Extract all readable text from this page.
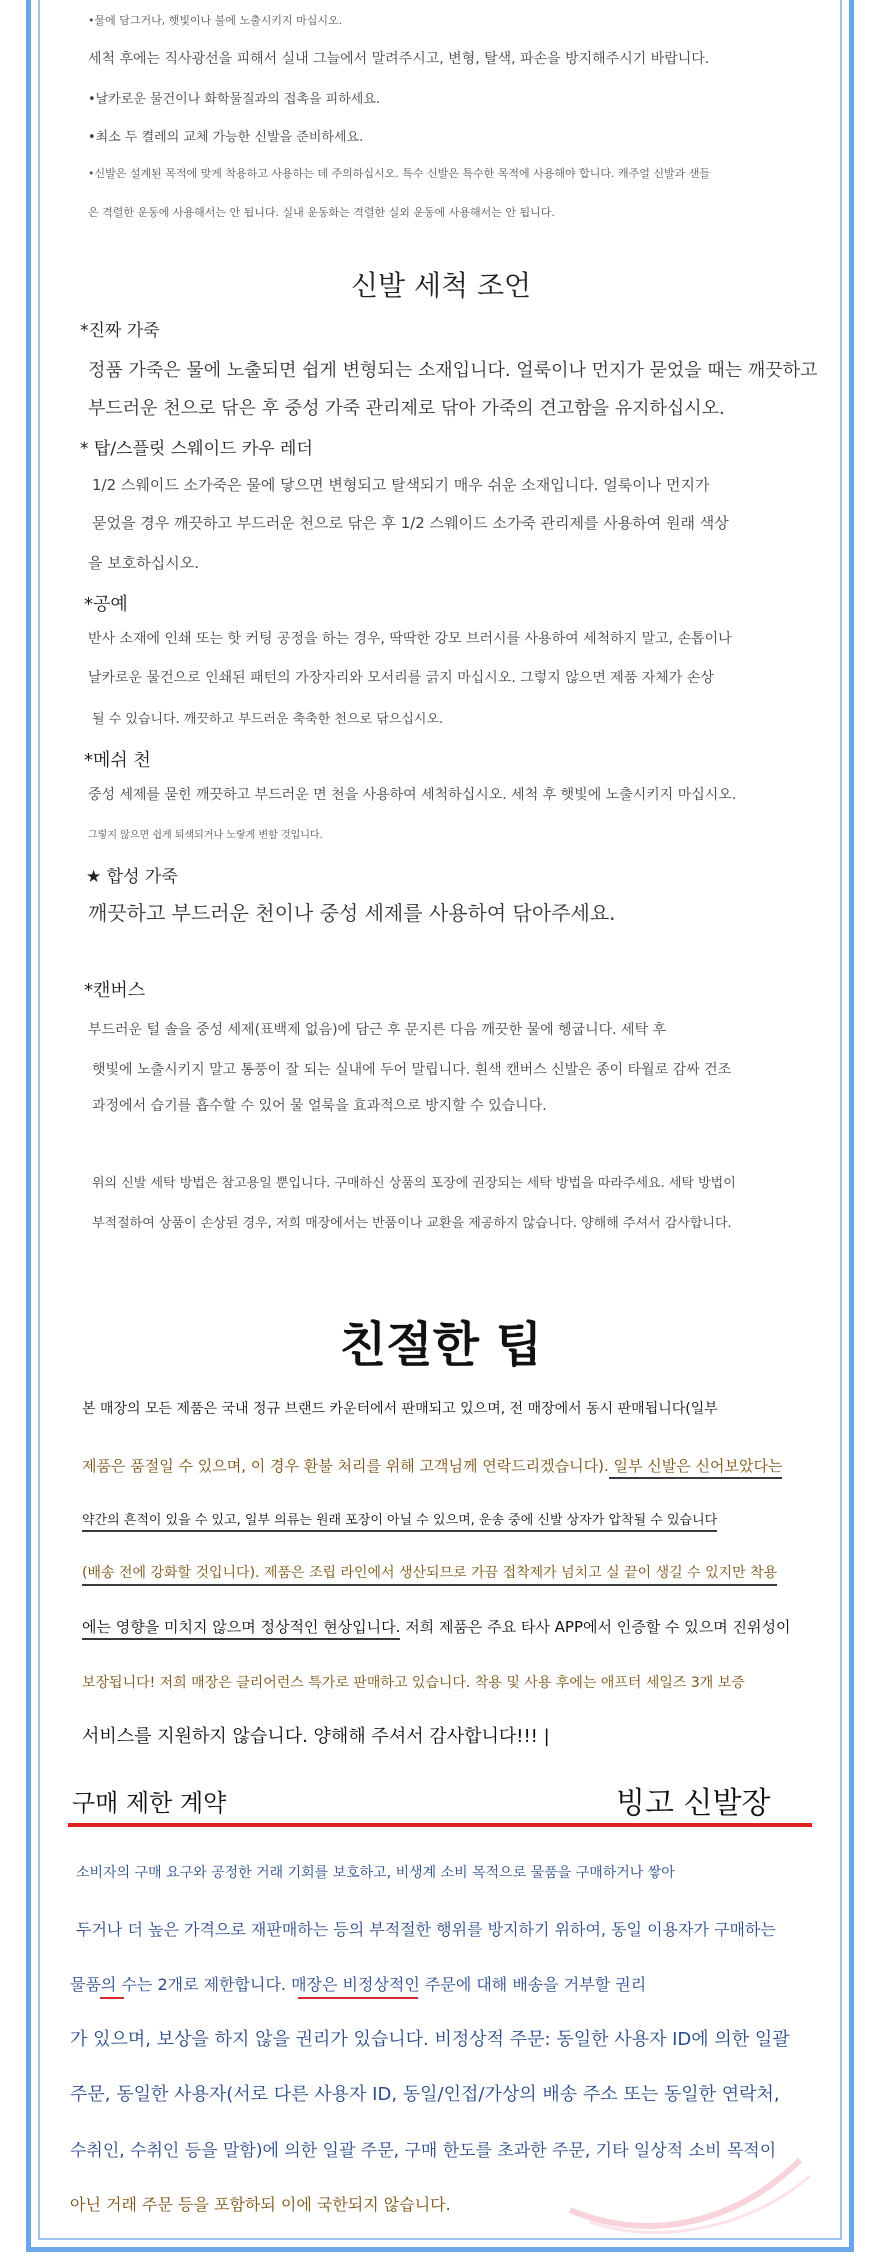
•물에 담그거나, 햇빛이나 불에 노출시키지 마십시오.
세척 후에는 직사광선을 피해서 실내 그늘에서 말려주시고, 변형, 탈색, 파손을 방지해주시기 바랍니다.
•날카로운 물건이나 화학물질과의 접촉을 피하세요.
•최소 두 켤레의 교체 가능한 신발을 준비하세요.
•신발은 설계된 목적에 맞게 착용하고 사용하는 데 주의하십시오. 특수 신발은 특수한 목적에 사용해야 합니다. 캐주얼 신발과 샌들
은 격렬한 운동에 사용해서는 안 됩니다. 실내 운동화는 격렬한 실외 운동에 사용해서는 안 됩니다.
신발 세척 조언
*진짜 가죽
정품 가죽은 물에 노출되면 쉽게 변형되는 소재입니다. 얼룩이나 먼지가 묻었을 때는 깨끗하고
부드러운 천으로 닦은 후 중성 가죽 관리제로 닦아 가죽의 견고함을 유지하십시오.
* 탑/스플릿 스웨이드 카우 레더
1/2 스웨이드 소가죽은 물에 닿으면 변형되고 탈색되기 매우 쉬운 소재입니다. 얼룩이나 먼지가
묻었을 경우 깨끗하고 부드러운 천으로 닦은 후 1/2 스웨이드 소가죽 관리제를 사용하여 원래 색상
을 보호하십시오.
*공예
반사 소재에 인쇄 또는 핫 커팅 공정을 하는 경우, 딱딱한 강모 브러시를 사용하여 세척하지 말고, 손톱이나
날카로운 물건으로 인쇄된 패턴의 가장자리와 모서리를 긁지 마십시오. 그렇지 않으면 제품 자체가 손상
될 수 있습니다. 깨끗하고 부드러운 축축한 천으로 닦으십시오.
*메쉬 천
중성 세제를 묻힌 깨끗하고 부드러운 면 천을 사용하여 세척하십시오. 세척 후 햇빛에 노출시키지 마십시오.
그렇지 않으면 쉽게 퇴색되거나 노랗게 변할 것입니다.
★ 합성 가죽
깨끗하고 부드러운 천이나 중성 세제를 사용하여 닦아주세요.
*캔버스
부드러운 털 솔을 중성 세제(표백제 없음)에 담근 후 문지른 다음 깨끗한 물에 헹굽니다. 세탁 후
햇빛에 노출시키지 말고 통풍이 잘 되는 실내에 두어 말립니다. 흰색 캔버스 신발은 종이 타월로 감싸 건조
과정에서 습기를 흡수할 수 있어 물 얼룩을 효과적으로 방지할 수 있습니다.
위의 신발 세탁 방법은 참고용일 뿐입니다. 구매하신 상품의 포장에 권장되는 세탁 방법을 따라주세요. 세탁 방법이
부적절하여 상품이 손상된 경우, 저희 매장에서는 반품이나 교환을 제공하지 않습니다. 양해해 주셔서 감사합니다.
친절한 팁
본 매장의 모든 제품은 국내 정규 브랜드 카운터에서 판매되고 있으며, 전 매장에서 동시 판매됩니다(일부
제품은 품절일 수 있으며, 이 경우 환불 처리를 위해 고객님께 연락드리겠습니다). 일부 신발은 신어보았다는
약간의 흔적이 있을 수 있고, 일부 의류는 원래 포장이 아닐 수 있으며, 운송 중에 신발 상자가 압착될 수 있습니다
(배송 전에 강화할 것입니다). 제품은 조립 라인에서 생산되므로 가끔 접착제가 넘치고 실 끝이 생길 수 있지만 착용
에는 영향을 미치지 않으며 정상적인 현상입니다. 저희 제품은 주요 타사 APP에서 인증할 수 있으며 진위성이
보장됩니다! 저희 매장은 클리어런스 특가로 판매하고 있습니다. 착용 및 사용 후에는 애프터 세일즈 3개 보증
서비스를 지원하지 않습니다. 양해해 주셔서 감사합니다!!! |
구매 제한 계약	빙고 신발장
소비자의 구매 요구와 공정한 거래 기회를 보호하고, 비생계 소비 목적으로 물품을 구매하거나 쌓아
두거나 더 높은 가격으로 재판매하는 등의 부적절한 행위를 방지하기 위하여, 동일 이용자가 구매하는
물품의 수는 2개로 제한합니다. 매장은 비정상적인 주문에 대해 배송을 거부할 권리
가 있으며, 보상을 하지 않을 권리가 있습니다. 비정상적 주문: 동일한 사용자 ID에 의한 일괄
주문, 동일한 사용자(서로 다른 사용자 ID, 동일/인접/가상의 배송 주소 또는 동일한 연락처,
수취인, 수취인 등을 말함)에 의한 일괄 주문, 구매 한도를 초과한 주문, 기타 일상적 소비 목적이
아닌 거래 주문 등을 포함하되 이에 국한되지 않습니다.
